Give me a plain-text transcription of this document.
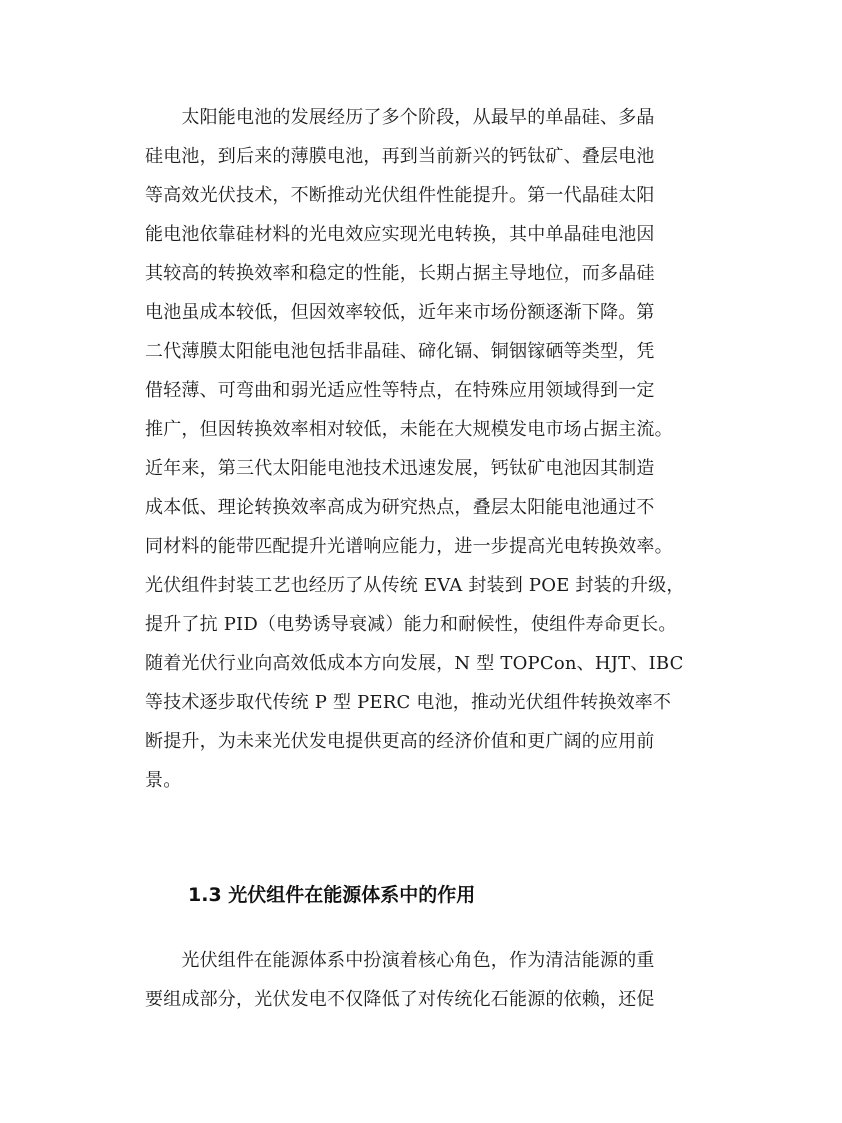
　　太阳能电池的发展经历了多个阶段，从最早的单晶硅、多晶
硅电池，到后来的薄膜电池，再到当前新兴的钙钛矿、叠层电池
等高效光伏技术，不断推动光伏组件性能提升。第一代晶硅太阳
能电池依靠硅材料的光电效应实现光电转换，其中单晶硅电池因
其较高的转换效率和稳定的性能，长期占据主导地位，而多晶硅
电池虽成本较低，但因效率较低，近年来市场份额逐渐下降。第
二代薄膜太阳能电池包括非晶硅、碲化镉、铜铟镓硒等类型，凭
借轻薄、可弯曲和弱光适应性等特点，在特殊应用领域得到一定
推广，但因转换效率相对较低，未能在大规模发电市场占据主流。
近年来，第三代太阳能电池技术迅速发展，钙钛矿电池因其制造
成本低、理论转换效率高成为研究热点，叠层太阳能电池通过不
同材料的能带匹配提升光谱响应能力，进一步提高光电转换效率。
光伏组件封装工艺也经历了从传统 EVA 封装到 POE 封装的升级，
提升了抗 PID（电势诱导衰减）能力和耐候性，使组件寿命更长。
随着光伏行业向高效低成本方向发展，N 型 TOPCon、HJT、IBC
等技术逐步取代传统 P 型 PERC 电池，推动光伏组件转换效率不
断提升，为未来光伏发电提供更高的经济价值和更广阔的应用前
景。
1.3 光伏组件在能源体系中的作用
　　光伏组件在能源体系中扮演着核心角色，作为清洁能源的重
要组成部分，光伏发电不仅降低了对传统化石能源的依赖，还促
